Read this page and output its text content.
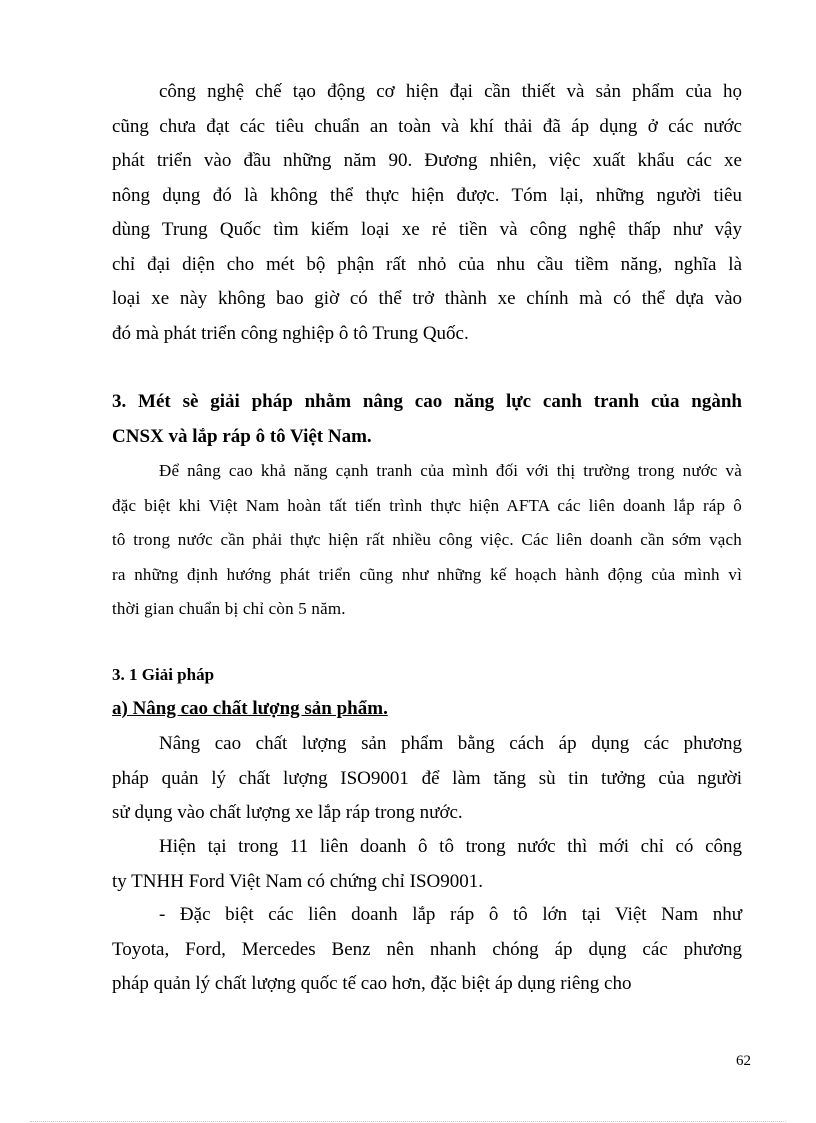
công nghệ chế tạo động cơ hiện đại cần thiết và sản phẩm của họ
cũng chưa đạt các tiêu chuẩn an toàn và khí thải đã áp dụng ở các nước
phát triển vào đầu những năm 90. Đương nhiên, việc xuất khẩu các xe
nông dụng đó là không thể thực hiện được. Tóm lại, những người tiêu
dùng Trung Quốc tìm kiếm loại xe rẻ tiền và công nghệ thấp như vậy
chỉ đại diện cho mét bộ phận rất nhỏ của nhu cầu tiềm năng, nghĩa là
loại xe này không bao giờ có thể trở thành xe chính mà có thể dựa vào
đó mà phát triển công nghiệp ô tô Trung Quốc.

3. Mét sè giải pháp nhằm nâng cao năng lực canh tranh của ngành
CNSX và lắp ráp ô tô Việt Nam.

Để nâng cao khả năng cạnh tranh của mình đối với thị trường trong nước và
đặc biệt khi Việt Nam hoàn tất tiến trình thực hiện AFTA các liên doanh lắp ráp ô
tô trong nước cần phải thực hiện rất nhiều công việc. Các liên doanh cần sớm vạch
ra những định hướng phát triển cũng như những kế hoạch hành động của mình vì
thời gian chuẩn bị chỉ còn 5 năm.

3. 1 Giải pháp
a) Nâng cao chất lượng sản phẩm.

Nâng cao chất lượng sản phẩm bằng cách áp dụng các phương
pháp quản lý chất lượng ISO9001 để làm tăng sù tin tưởng của người
sử dụng vào chất lượng xe lắp ráp trong nước.

Hiện tại trong 11 liên doanh ô tô trong nước thì mới chỉ có công
ty TNHH Ford Việt Nam có chứng chỉ ISO9001.

- Đặc biệt các liên doanh lắp ráp ô tô lớn tại Việt Nam như
Toyota, Ford, Mercedes Benz nên nhanh chóng áp dụng các phương
pháp quản lý chất lượng quốc tế cao hơn, đặc biệt áp dụng riêng cho

62
